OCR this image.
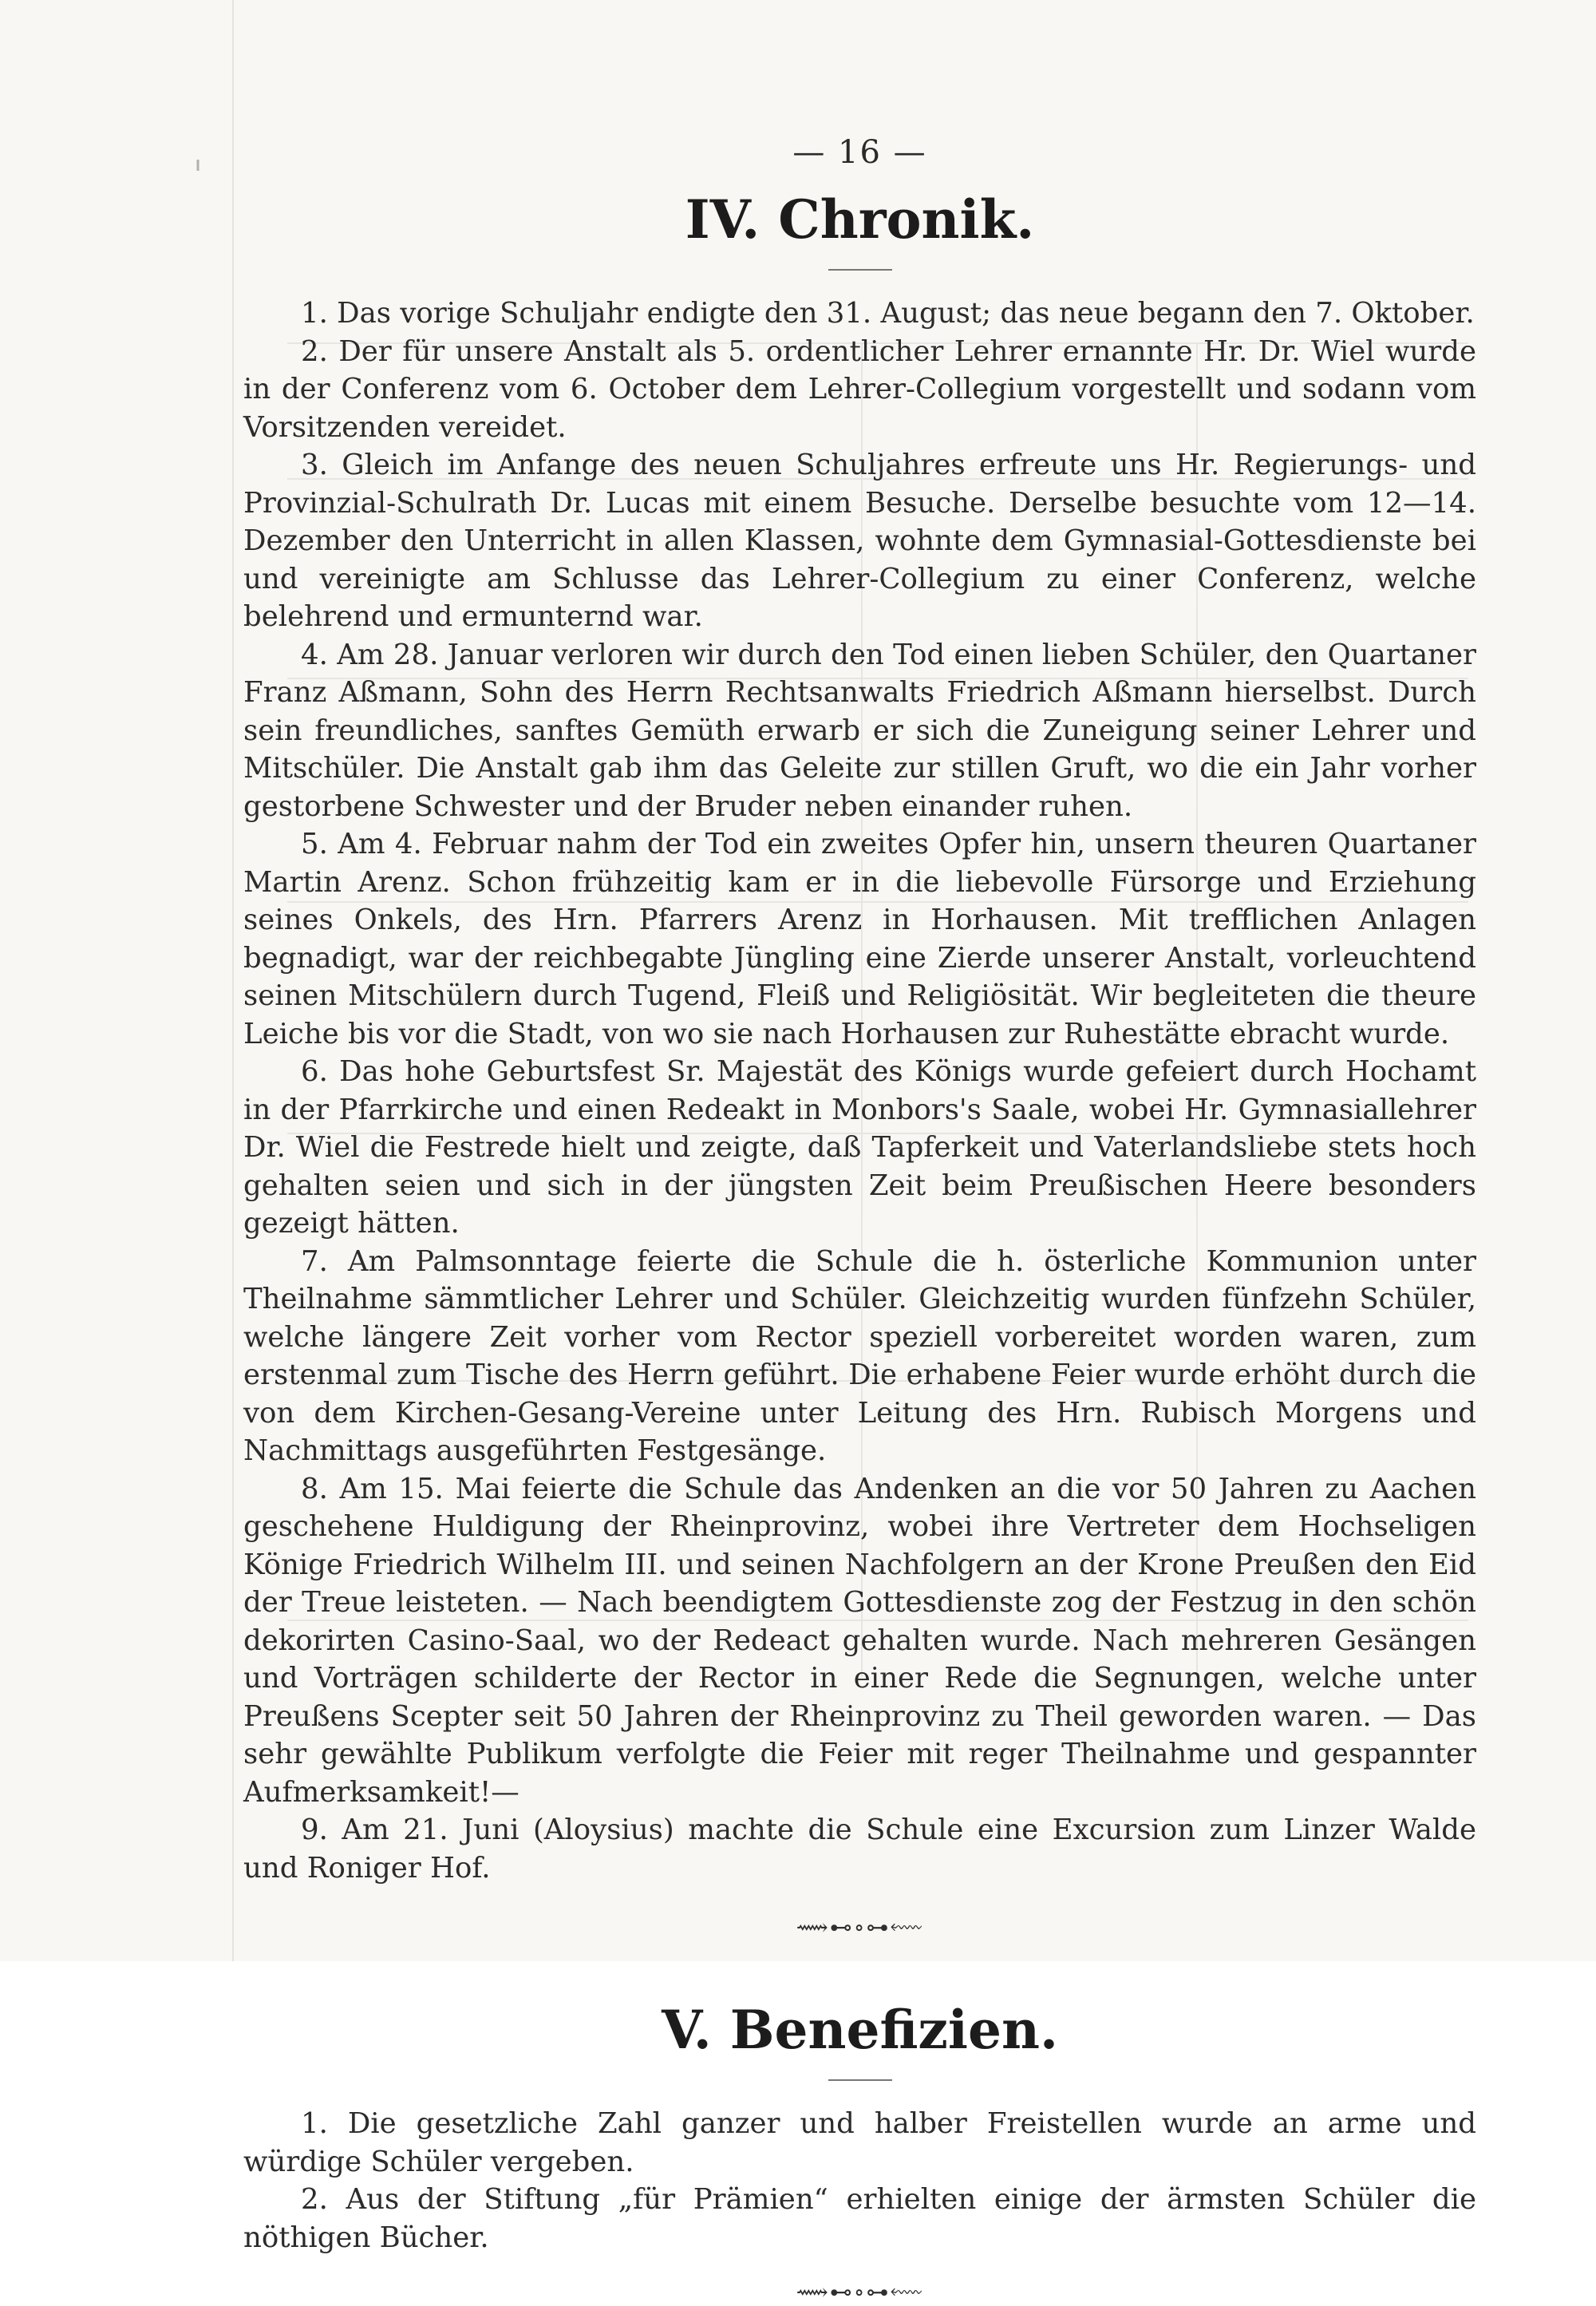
— 16 —
IV. Chronik.
1. Das vorige Schuljahr endigte den 31. August; das neue begann den 7. Oktober.
2. Der für unsere Anstalt als 5. ordentlicher Lehrer ernannte Hr. Dr. Wiel wurde in der Conferenz vom 6. October dem Lehrer-Collegium vorgestellt und sodann vom Vorsitzenden vereidet.
3. Gleich im Anfange des neuen Schuljahres erfreute uns Hr. Regierungs- und Provinzial-Schulrath Dr. Lucas mit einem Besuche. Derselbe besuchte vom 12—14. Dezember den Unterricht in allen Klassen, wohnte dem Gymnasial-Gottesdienste bei und vereinigte am Schlusse das Lehrer-Collegium zu einer Conferenz, welche belehrend und ermunternd war.
4. Am 28. Januar verloren wir durch den Tod einen lieben Schüler, den Quartaner Franz Aßmann, Sohn des Herrn Rechtsanwalts Friedrich Aßmann hierselbst. Durch sein freundliches, sanftes Gemüth erwarb er sich die Zuneigung seiner Lehrer und Mitschüler. Die Anstalt gab ihm das Geleite zur stillen Gruft, wo die ein Jahr vorher gestorbene Schwester und der Bruder neben einander ruhen.
5. Am 4. Februar nahm der Tod ein zweites Opfer hin, unsern theuren Quartaner Martin Arenz. Schon frühzeitig kam er in die liebevolle Fürsorge und Erziehung seines Onkels, des Hrn. Pfarrers Arenz in Horhausen. Mit trefflichen Anlagen begnadigt, war der reichbegabte Jüngling eine Zierde unserer Anstalt, vorleuchtend seinen Mitschülern durch Tugend, Fleiß und Religiösität. Wir begleiteten die theure Leiche bis vor die Stadt, von wo sie nach Horhausen zur Ruhestätte ebracht wurde.
6. Das hohe Geburtsfest Sr. Majestät des Königs wurde gefeiert durch Hochamt in der Pfarrkirche und einen Redeakt in Monbors's Saale, wobei Hr. Gymnasiallehrer Dr. Wiel die Festrede hielt und zeigte, daß Tapferkeit und Vaterlandsliebe stets hoch gehalten seien und sich in der jüngsten Zeit beim Preußischen Heere besonders gezeigt hätten.
7. Am Palmsonntage feierte die Schule die h. österliche Kommunion unter Theilnahme sämmtlicher Lehrer und Schüler. Gleichzeitig wurden fünfzehn Schüler, welche längere Zeit vorher vom Rector speziell vorbereitet worden waren, zum erstenmal zum Tische des Herrn geführt. Die erhabene Feier wurde erhöht durch die von dem Kirchen-Gesang-Vereine unter Leitung des Hrn. Rubisch Morgens und Nachmittags ausgeführten Festgesänge.
8. Am 15. Mai feierte die Schule das Andenken an die vor 50 Jahren zu Aachen geschehene Huldigung der Rheinprovinz, wobei ihre Vertreter dem Hochseligen Könige Friedrich Wilhelm III. und seinen Nachfolgern an der Krone Preußen den Eid der Treue leisteten. — Nach beendigtem Gottesdienste zog der Festzug in den schön dekorirten Casino-Saal, wo der Redeact gehalten wurde. Nach mehreren Gesängen und Vorträgen schilderte der Rector in einer Rede die Segnungen, welche unter Preußens Scepter seit 50 Jahren der Rheinprovinz zu Theil geworden waren. — Das sehr gewählte Publikum verfolgte die Feier mit reger Theilnahme und gespannter Aufmerksamkeit!—
9. Am 21. Juni (Aloysius) machte die Schule eine Excursion zum Linzer Walde und Roniger Hof.
⟿⊷∘⊶⬳
V. Benefizien.
1. Die gesetzliche Zahl ganzer und halber Freistellen wurde an arme und würdige Schüler vergeben.
2. Aus der Stiftung „für Prämien“ erhielten einige der ärmsten Schüler die nöthigen Bücher.
⟿⊷∘⊶⬳
